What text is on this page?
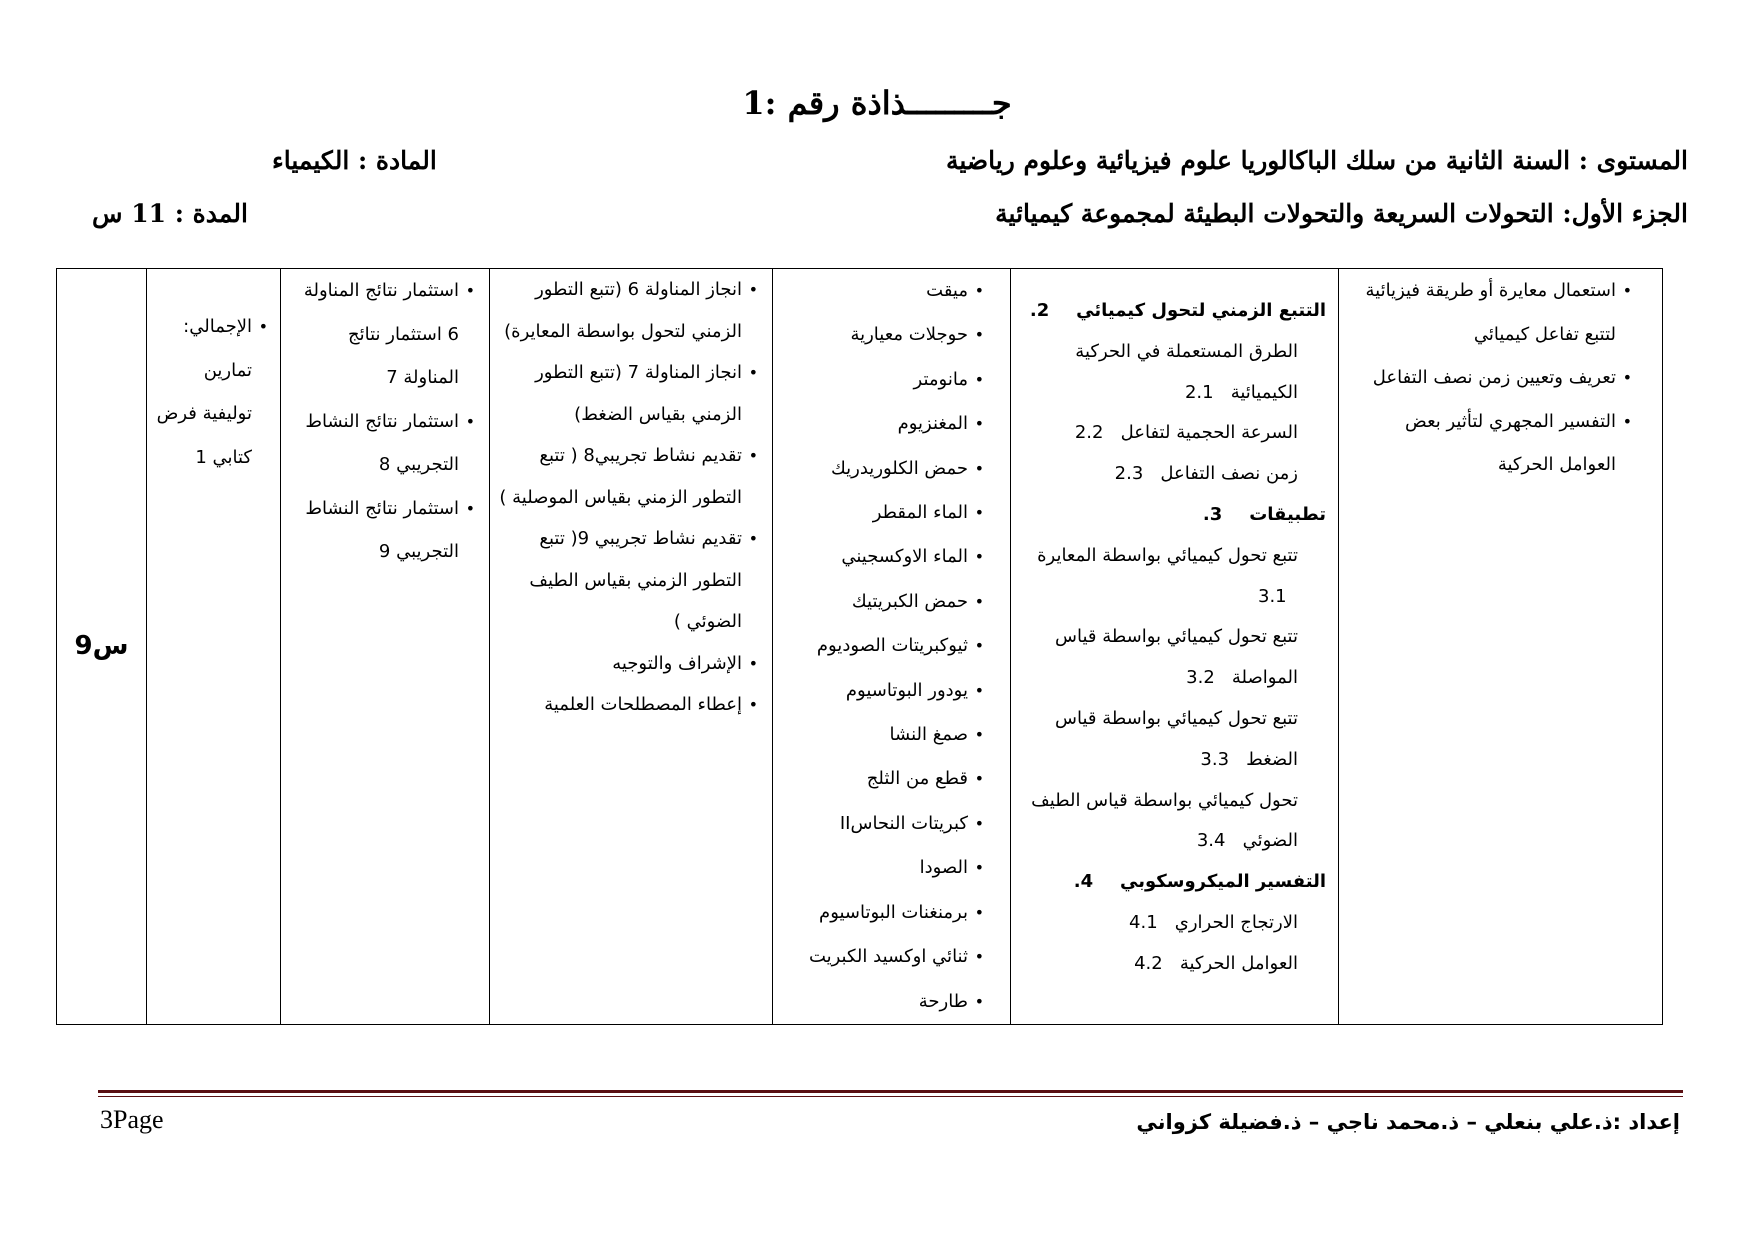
جـــــــــذاذة رقم :1
المستوى : السنة الثانية من سلك الباكالوريا علوم فيزيائية وعلوم رياضية
المادة : الكيمياء
الجزء الأول: التحولات السريعة والتحولات البطيئة لمجموعة كيميائية
المدة : 11 س
9س	
• الإجمالي: تمارين توليفية فرض كتابي 1

• استثمار نتائج المناولة 6 استثمار نتائج المناولة 7
• استثمار نتائج النشاط التجريبي 8
• استثمار نتائج النشاط التجريبي 9

• انجاز المناولة 6 (تتبع التطور الزمني لتحول بواسطة المعايرة)
• انجاز المناولة 7 (تتبع التطور الزمني بقياس الضغط)
• تقديم نشاط تجريبي8 ( تتبع التطور الزمني بقياس الموصلية )
• تقديم نشاط تجريبي 9( تتبع التطور الزمني بقياس الطيف الضوئي )
• الإشراف والتوجيه
• إعطاء المصطلحات العلمية

• ميقت
• حوجلات معيارية
• مانومتر
• المغنزيوم
• حمض الكلوريدريك
• الماء المقطر
• الماء الاوكسجيني
• حمض الكبريتيك
• ثيوكبريتات الصوديوم
• يودور البوتاسيوم
• صمغ النشا
• قطع من الثلج
• كبريتات النحاسII
• الصودا
• برمنغنات البوتاسيوم
• ثنائي اوكسيد الكبريت
• طارحة

التتبع الزمني لتحول كيميائي 2.
الطرق المستعملة في الحركية الكيميائية 2.1
السرعة الحجمية لتفاعل 2.2
زمن نصف التفاعل 2.3
تطبيقات 3.
تتبع تحول كيميائي بواسطة المعايرة 3.1
تتبع تحول كيميائي بواسطة قياس المواصلة 3.2
تتبع تحول كيميائي بواسطة قياس الضغط 3.3
تحول كيميائي بواسطة قياس الطيف الضوئي 3.4
التفسير الميكروسكوبي 4.
الارتجاج الحراري 4.1
العوامل الحركية 4.2

• استعمال معايرة أو طريقة فيزيائية لتتبع تفاعل كيميائي
• تعريف وتعيين زمن نصف التفاعل
• التفسير المجهري لتأثير بعض العوامل الحركية
3Page	إعداد :ذ.علي بنعلي – ذ.محمد ناجي – ذ.فضيلة كزواني
